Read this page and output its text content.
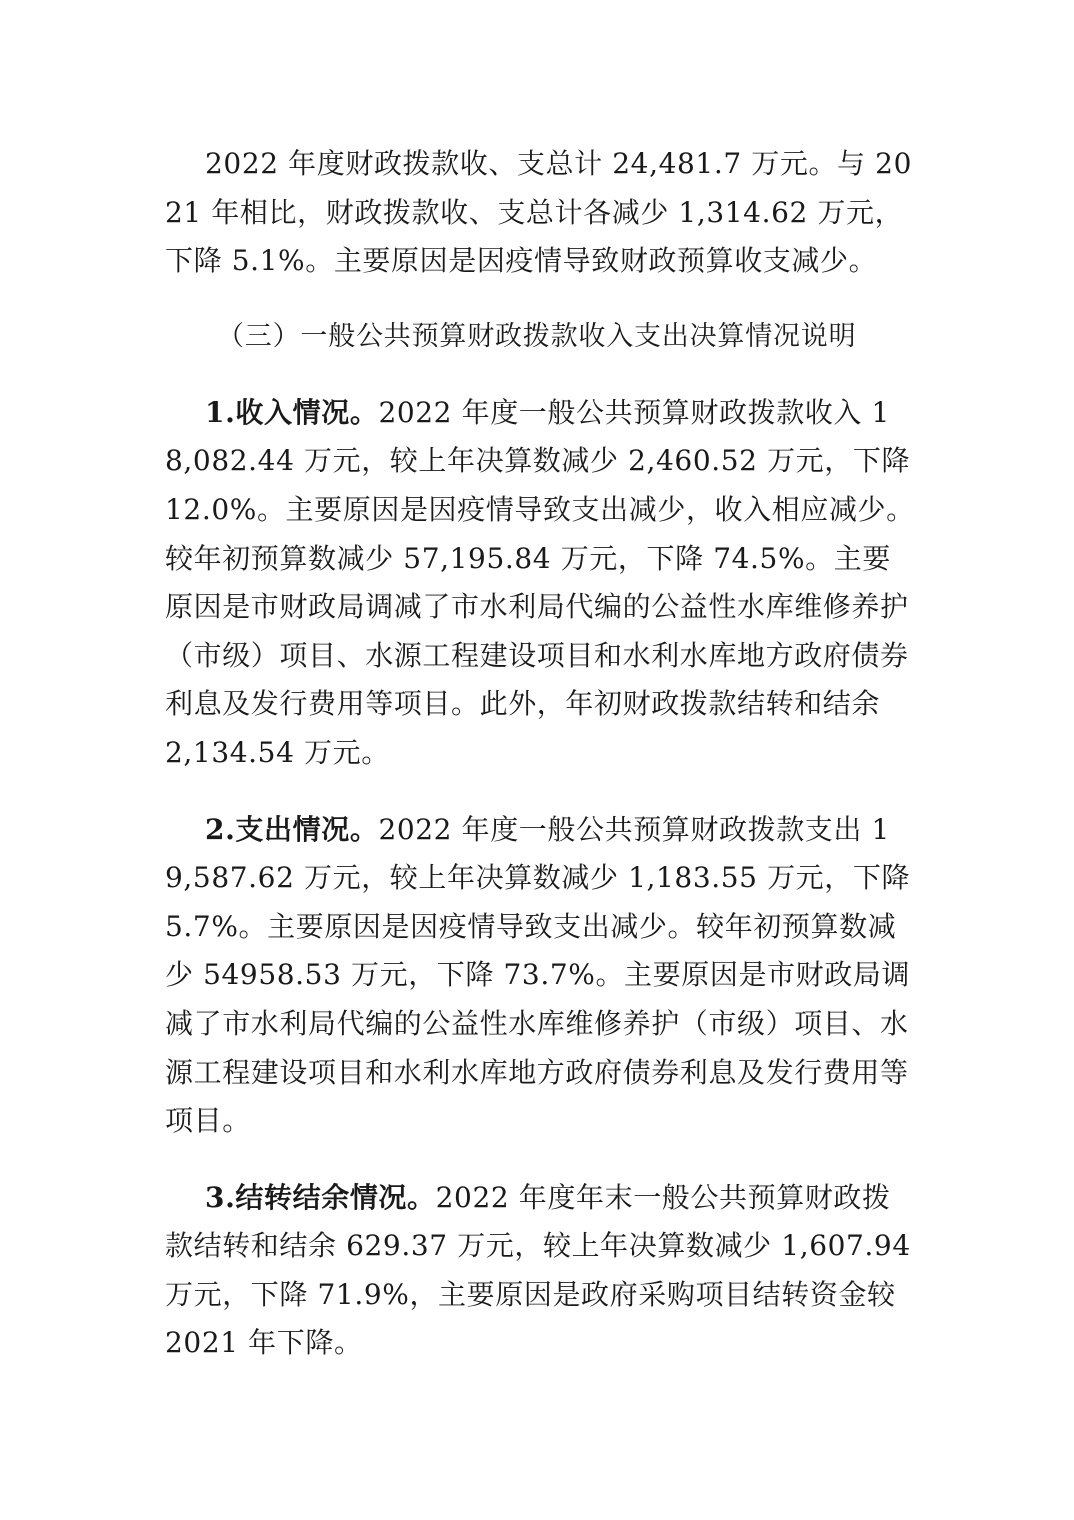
2022 年度财政拨款收、支总计 24,481.7 万元。与 2021 年相比，财政拨款收、支总计各减少 1,314.62 万元，下降 5.1%。主要原因是因疫情导致财政预算收支减少。

（三）一般公共预算财政拨款收入支出决算情况说明

1.收入情况。2022 年度一般公共预算财政拨款收入 18,082.44 万元，较上年决算数减少 2,460.52 万元，下降 12.0%。主要原因是因疫情导致支出减少，收入相应减少。较年初预算数减少 57,195.84 万元，下降 74.5%。主要原因是市财政局调减了市水利局代编的公益性水库维修养护（市级）项目、水源工程建设项目和水利水库地方政府债券利息及发行费用等项目。此外，年初财政拨款结转和结余 2,134.54 万元。

2.支出情况。2022 年度一般公共预算财政拨款支出 19,587.62 万元，较上年决算数减少 1,183.55 万元，下降 5.7%。主要原因是因疫情导致支出减少。较年初预算数减少 54958.53 万元，下降 73.7%。主要原因是市财政局调减了市水利局代编的公益性水库维修养护（市级）项目、水源工程建设项目和水利水库地方政府债券利息及发行费用等项目。

3.结转结余情况。2022 年度年末一般公共预算财政拨款结转和结余 629.37 万元，较上年决算数减少 1,607.94 万元，下降 71.9%，主要原因是政府采购项目结转资金较 2021 年下降。
